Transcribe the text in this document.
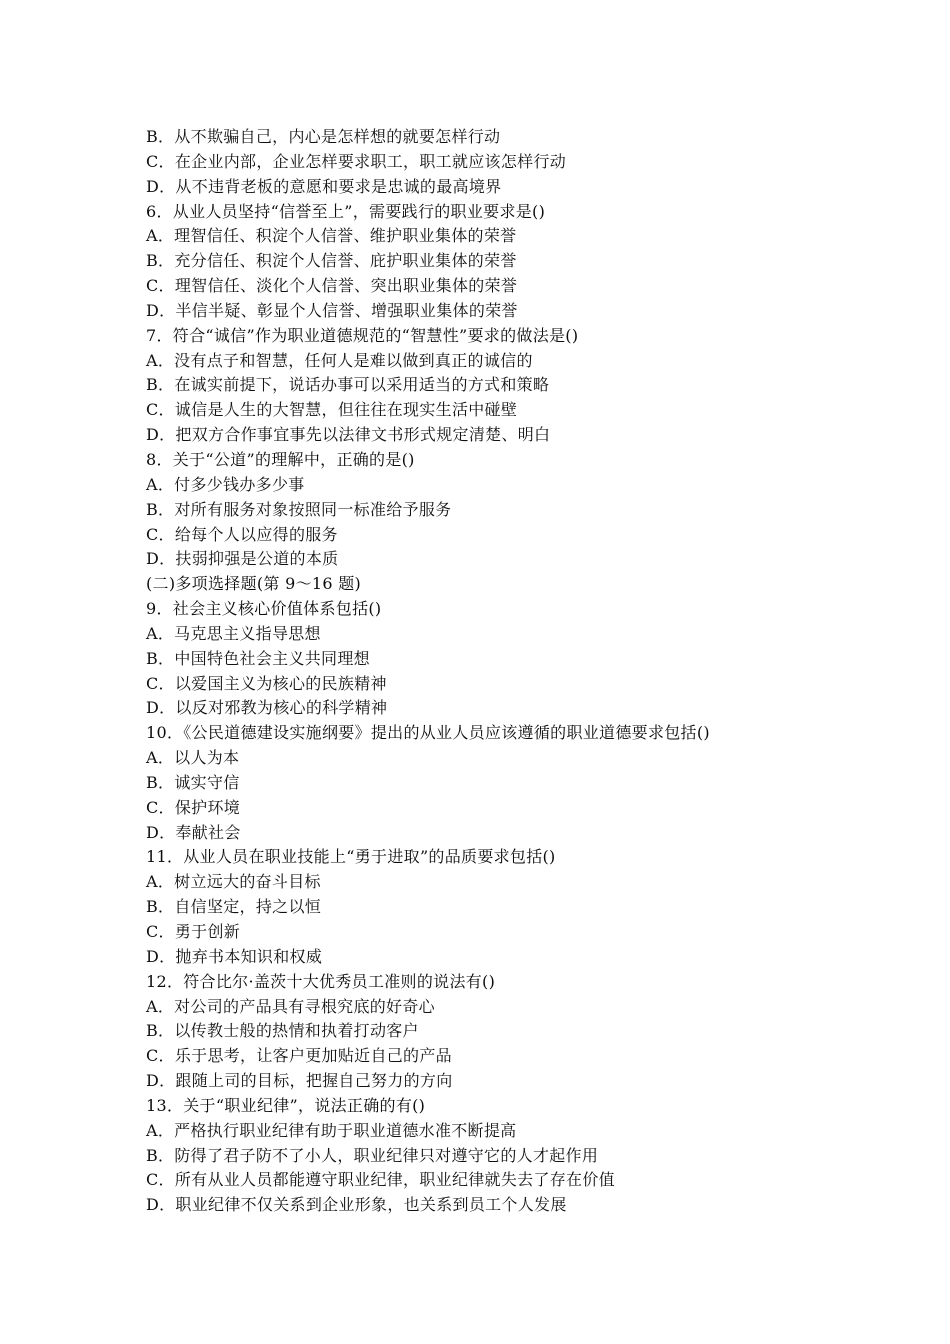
B．从不欺骗自己，内心是怎样想的就要怎样行动
C．在企业内部，企业怎样要求职工，职工就应该怎样行动
D．从不违背老板的意愿和要求是忠诚的最高境界
6．从业人员坚持“信誉至上”，需要践行的职业要求是()
A．理智信任、积淀个人信誉、维护职业集体的荣誉
B．充分信任、积淀个人信誉、庇护职业集体的荣誉
C．理智信任、淡化个人信誉、突出职业集体的荣誉
D．半信半疑、彰显个人信誉、增强职业集体的荣誉
7．符合“诚信”作为职业道德规范的“智慧性”要求的做法是()
A．没有点子和智慧，任何人是难以做到真正的诚信的
B．在诚实前提下，说话办事可以采用适当的方式和策略
C．诚信是人生的大智慧，但往往在现实生活中碰壁
D．把双方合作事宜事先以法律文书形式规定清楚、明白
8．关于“公道”的理解中，正确的是()
A．付多少钱办多少事
B．对所有服务对象按照同一标准给予服务
C．给每个人以应得的服务
D．扶弱抑强是公道的本质
(二)多项选择题(第 9～16 题)
9．社会主义核心价值体系包括()
A．马克思主义指导思想
B．中国特色社会主义共同理想
C．以爱国主义为核心的民族精神
D．以反对邪教为核心的科学精神
10．《公民道德建设实施纲要》提出的从业人员应该遵循的职业道德要求包括()
A．以人为本
B．诚实守信
C．保护环境
D．奉献社会
11．从业人员在职业技能上“勇于进取”的品质要求包括()
A．树立远大的奋斗目标
B．自信坚定，持之以恒
C．勇于创新
D．抛弃书本知识和权威
12．符合比尔·盖茨十大优秀员工准则的说法有()
A．对公司的产品具有寻根究底的好奇心
B．以传教士般的热情和执着打动客户
C．乐于思考，让客户更加贴近自己的产品
D．跟随上司的目标，把握自己努力的方向
13．关于“职业纪律”，说法正确的有()
A．严格执行职业纪律有助于职业道德水准不断提高
B．防得了君子防不了小人，职业纪律只对遵守它的人才起作用
C．所有从业人员都能遵守职业纪律，职业纪律就失去了存在价值
D．职业纪律不仅关系到企业形象，也关系到员工个人发展
